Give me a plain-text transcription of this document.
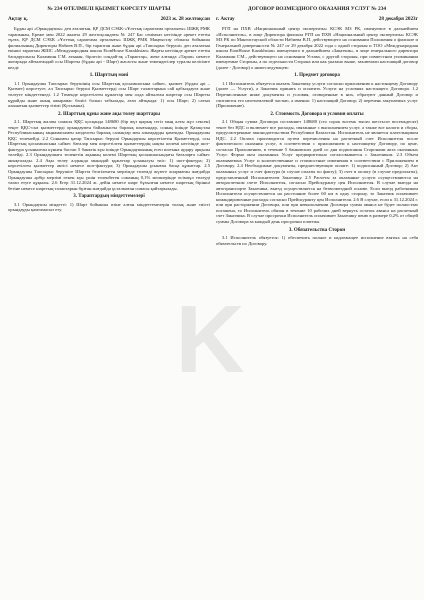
№ 234 ӨТЕЛМЕЛІ ҚЫЗМЕТ КӨРСЕТУ ШАРТЫ
Ақтау қ.	2023 ж. 28 желтоқсан

Бұдан әрі «Орындаушы» деп аталатын, ҚР ДСМ СЭБК-«Ұлттық сараптама орталығы» ШЖҚ РМК тарапынан, Ереже мен 2022 жылғы 29 желтоқсандағы № 247 Бас сенімхат негізінде әрекет ететін тұлға, ҚР ДСМ СЭБК «Ұлттық сараптама орталығы» ШЖҚ РМК Маңғыстау облысы бойынша филиалының Директоры Набиев В.П., бір тараптан және бұдан әрі «Тапсырыс беруші» деп аталатын екінші тараптан ЖШС «Международная школа EtonHouse Kazakhstan» Жарғы негізінде әрекет ететін басқарушысы Каламкин Г.М. атынан, бірлесіп сондай-ақ «Тараптар», жеке алғанда «Тарап» немесе жоғарыда айтылғандай осы Шартты (бұдан әрі - Шарт) жасасты және төмендегілер туралы келісімге келді:

1. Шарттың мәні

1.1 Орындаушы Тапсырыс берушінің осы Шарттың қосымшасына сәйкес, қызмет (бұдан әрі – Қызмет) көрсетуге, ал Тапсырыс беруші Қызметтерді осы Шарт талаптарына сай қабылдауға және төлеуге міндеттенеді. 1.2 Төменде көрсетілген құжаттар мен олда айтылған шарттар осы Шартты құрайды және оның ажырамас бөлігі болып табылады, атап айтқанда: 1) осы Шарт; 2) сатып алынатын қызметтер тізімі (Қосымша).

2. Шарттың құны және ақы төлеу шарттары

2.1. Шарттың жалпы сомасы ҚҚС қосқанда 148680 (бір жүз қырық сегіз мың алты жүз сексен) теңге ҚҚС-сыз қызметтерді орындаумен байланысты барлық шығындар, соның ішінде Қазақстан Республикасының заңнамасымен көзделген барлық салықтар мен алымдарды қамтиды. Орындаушы ҚҚС төлемейді. 2.2 Сонымен қатар Тапсырыс беруші Орындаушы көрсетілетін Қызметтерді, осы Шарттың қосымшасына сәйкес бағалар мен көрсетілген қызметтердің нақты көлемі негізінде шот-фактура ұсынылған күннен бастап 5 банктік күн ішінде Орындаушының есеп шотына аудару арқылы төлейді. 2.3 Орындаушыға төленетін ақының көлемі Шарттың қосымшасындағы бағаларға сәйкес анықталады. 2.4 Ақы төлеу алдында мынадай құжаттар ұсынылуы тиіс: 1) шот-фактура; 2) көрсетілген қызметтер актісі немесе шот-фактура; 3) Орындаушы ұсынған басқа құжаттар. 2.5 Орындаушы Тапсырыс берушіге Шартта белгіленген мерзімде төлемді жүзеге асырмаған жағдайда Орындаушы әрбір мерзімі өткен күн үшін төленбеген соманың 0,1% мөлшерінде өсімпұл төлеуді талап етуге құқылы. 2.6 Егер 31.12.2024 ж. дейін немесе шарт бұзылған немесе шарттың бірінші бетіне немесе шарттың талаптарын бұзған жағдайда ұсталмаған сомасы қайтарылады.

3. Тараптардың міндеттемелері

3.1 Орындаушы міндетті: 1) Шарт бойынша өзіне алған міндеттемелерін толық және тиісті орындауды қамтамасыз ету.

ДОГОВОР ВОЗМЕЗДНОГО ОКАЗАНИЯ УСЛУГ № 234
г. Актау	28 декабря 2023г

РГП на ПХВ «Национальный центр экспертизы» КСЭК МЗ РК, именуемое в дальнейшем «Исполнитель», в лице Директора филиала РГП на ПХВ «Национальный центр экспертизы» КСЭК МЗ РК по Мангистауской области Набиева В.П. действующего на основании Положения о филиале и Генеральной доверенности № 247 от 29 декабря 2022 года с одной стороны и ТОО «Международная школа EtonHouse Kazakhstan» именуемого в дальнейшем «Заказчик», в лице генерального директора Каламкин Г.М., действующего на основании Устава, с другой стороны, при совместном упоминании именуемые Стороны, а по отдельности Сторона или как указано выше, заключили настоящий договор (далее - Договор) о нижеследующем:

1. Предмет договора

1.1 Исполнитель обязуется оказать Заказчику услуги согласно приложению к настоящему Договору (далее — Услуги), а Заказчик принять и оплатить Услуги на условиях настоящего Договора. 1.2 Перечисленные ниже документы и условия, оговоренные в них, образуют данный Договор и считаются его неотъемлемой частью, а именно: 1) настоящий Договор; 2) перечень закупаемых услуг (Приложение).

2. Стоимость Договора и условия оплаты

2.1 Общая сумма Договора составляет 148680 (сто сорок восемь тысяч шестьсот восемьдесят) тенге без НДС и включает все расходы, связанные с выполнением услуг, а также все налоги и сборы, предусмотренные законодательством Республики Казахстан. Исполнитель не является плательщиком НДС. 2.2 Оплата производится путем перечисления на расчетный счет Исполнителя после фактического оказания услуг, в соответствии с приложением к настоящему Договору, по цене, согласно Приложению, в течение 5 банковских дней со дня подписания Сторонами акта оказанных Услуг. Форма акта оказанных Услуг предварительно согласовывается с Заказчиком. 2.3 Объем оказываемых Услуг и количественные и стоимостные изменения в соответствии с Приложением в Договору. 2.4 Необходимые документы, предшествующие оплате: 1) подписанный Договор; 2) Акт оказанных услуг и счет фактура (в случае оплаты по факту); 3) счет в оплату (в случае предоплаты), представленный Исполнителем Заказчику. 2.5 Расчеты за оказанные услуги осуществляются на авторасчетном счете Исполнителя, согласно Прейскуранту цен Исполнителя. В случае выезда на автотранспорте Заказчика, выезд осуществляется на безвозмездной основе. Если выезд работником Исполнителя осуществляется на расстояние более 60 км в одну сторону, то Заказчик оплачивает командировочные расходы согласно Прейскуранту цен Исполнителя. 2.6 В случае, если к 31.12.2024 г. или при расторжении Договора, или при невыполнении Договора сумма аванса не будет полностью погашена, то Исполнитель обязан в течение 10 рабочих дней вернуть остаток аванса на расчетный счет Заказчика. В случае просрочки Исполнитель оплачивает Заказчику пеню в размере 0,2% от общей суммы Договора за каждый день просрочки платежа.

3. Обязательства Сторон

3.1 Исполнитель обязуется: 1) обеспечить полное и надлежащее исполнение взятых на себя обязательств по Договору.

K
